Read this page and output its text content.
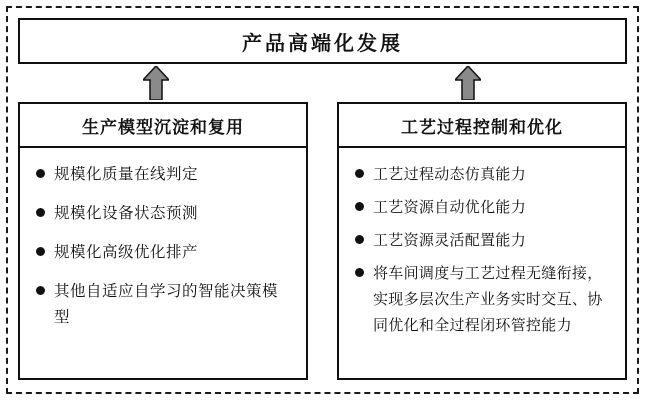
产品高端化发展
生产模型沉淀和复用
规模化质量在线判定
规模化设备状态预测
规模化高级优化排产
其他自适应自学习的智能决策模型
工艺过程控制和优化
工艺过程动态仿真能力
工艺资源自动优化能力
工艺资源灵活配置能力
将车间调度与工艺过程无缝衔接，实现多层次生产业务实时交互、协同优化和全过程闭环管控能力
